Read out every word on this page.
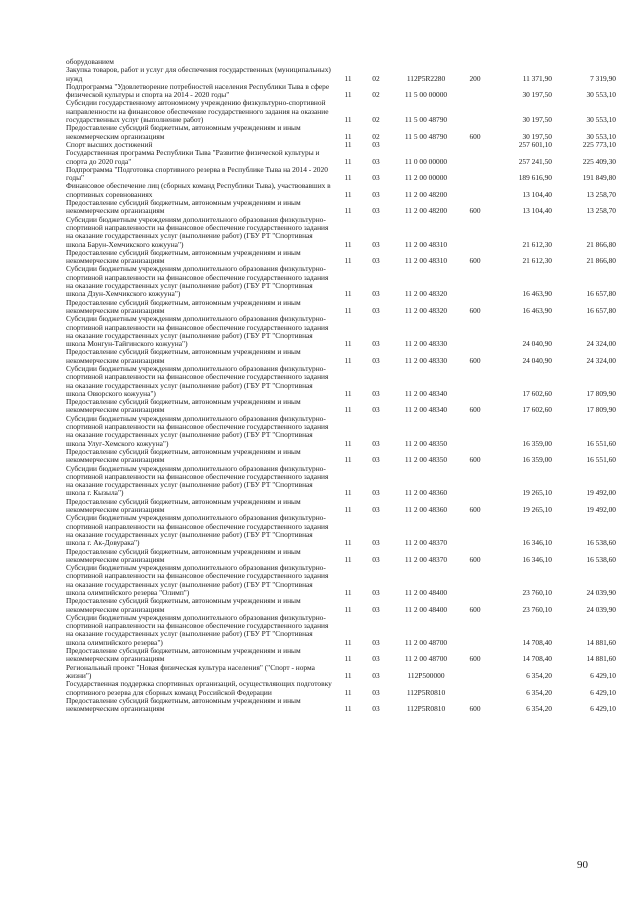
оборудованием						
Закупка товаров, работ и услуг для обеспечения государственных (муниципальных) нужд	11	02	112P5R2280	200	11 371,90	7 319,90
Подпрограмма "Удовлетворение потребностей населения Республики Тыва в сфере физической культуры и спорта на 2014 - 2020 годы"	11	02	11 5 00 00000		30 197,50	30 553,10
Субсидии государственному автономному учреждению физкультурно-спортивной направленности на финансовое обеспечение государственного задания на оказание государственных услуг (выполнение работ)	11	02	11 5 00 48790		30 197,50	30 553,10
Предоставление субсидий бюджетным, автономным учреждениям и иным некоммерческим организациям	11	02	11 5 00 48790	600	30 197,50	30 553,10
Спорт высших достижений	11	03			257 601,10	225 773,10
Государственная программа Республики Тыва "Развитие физической культуры и спорта до 2020 года"	11	03	11 0 00 00000		257 241,50	225 409,30
Подпрограмма "Подготовка спортивного резерва в Республике Тыва на 2014 - 2020 годы"	11	03	11 2 00 00000		189 616,90	191 849,80
Финансовое обеспечение лиц (сборных команд Республики Тыва), участвовавших в спортивных соревнованиях	11	03	11 2 00 48200		13 104,40	13 258,70
Предоставление субсидий бюджетным, автономным учреждениям и иным некоммерческим организациям	11	03	11 2 00 48200	600	13 104,40	13 258,70
Субсидии бюджетным учреждениям дополнительного образования физкультурно-спортивной направленности на финансовое обеспечение государственного задания на оказание государственных услуг (выполнение работ) (ГБУ РТ "Спортивная школа Барун-Хемчикского кожууна")	11	03	11 2 00 48310		21 612,30	21 866,80
Предоставление субсидий бюджетным, автономным учреждениям и иным некоммерческим организациям	11	03	11 2 00 48310	600	21 612,30	21 866,80
Субсидии бюджетным учреждениям дополнительного образования физкультурно-спортивной направленности на финансовое обеспечение государственного задания на оказание государственных услуг (выполнение работ) (ГБУ РТ "Спортивная школа Дзун-Хемчикского кожууна")	11	03	11 2 00 48320		16 463,90	16 657,80
Предоставление субсидий бюджетным, автономным учреждениям и иным некоммерческим организациям	11	03	11 2 00 48320	600	16 463,90	16 657,80
Субсидии бюджетным учреждениям дополнительного образования физкультурно-спортивной направленности на финансовое обеспечение государственного задания на оказание государственных услуг (выполнение работ) (ГБУ РТ "Спортивная школа Монгун-Тайгинского кожууна")	11	03	11 2 00 48330		24 040,90	24 324,00
Предоставление субсидий бюджетным, автономным учреждениям и иным некоммерческим организациям	11	03	11 2 00 48330	600	24 040,90	24 324,00
Субсидии бюджетным учреждениям дополнительного образования физкультурно-спортивной направленности на финансовое обеспечение государственного задания на оказание государственных услуг (выполнение работ) (ГБУ РТ "Спортивная школа Овюрского кожууна")	11	03	11 2 00 48340		17 602,60	17 809,90
Предоставление субсидий бюджетным, автономным учреждениям и иным некоммерческим организациям	11	03	11 2 00 48340	600	17 602,60	17 809,90
Субсидии бюджетным учреждениям дополнительного образования физкультурно-спортивной направленности на финансовое обеспечение государственного задания на оказание государственных услуг (выполнение работ) (ГБУ РТ "Спортивная школа Улуг-Хемского кожууна")	11	03	11 2 00 48350		16 359,00	16 551,60
Предоставление субсидий бюджетным, автономным учреждениям и иным некоммерческим организациям	11	03	11 2 00 48350	600	16 359,00	16 551,60
Субсидии бюджетным учреждениям дополнительного образования физкультурно-спортивной направленности на финансовое обеспечение государственного задания на оказание государственных услуг (выполнение работ) (ГБУ РТ "Спортивная школа г. Кызыла")	11	03	11 2 00 48360		19 265,10	19 492,00
Предоставление субсидий бюджетным, автономным учреждениям и иным некоммерческим организациям	11	03	11 2 00 48360	600	19 265,10	19 492,00
Субсидии бюджетным учреждениям дополнительного образования физкультурно-спортивной направленности на финансовое обеспечение государственного задания на оказание государственных услуг (выполнение работ) (ГБУ РТ "Спортивная школа г. Ак-Довурака")	11	03	11 2 00 48370		16 346,10	16 538,60
Предоставление субсидий бюджетным, автономным учреждениям и иным некоммерческим организациям	11	03	11 2 00 48370	600	16 346,10	16 538,60
Субсидии бюджетным учреждениям дополнительного образования физкультурно-спортивной направленности на финансовое обеспечение государственного задания на оказание государственных услуг (выполнение работ) (ГБУ РТ "Спортивная школа олимпийского резерва "Олимп")	11	03	11 2 00 48400		23 760,10	24 039,90
Предоставление субсидий бюджетным, автономным учреждениям и иным некоммерческим организациям	11	03	11 2 00 48400	600	23 760,10	24 039,90
Субсидии бюджетным учреждениям дополнительного образования физкультурно-спортивной направленности на финансовое обеспечение государственного задания на оказание государственных услуг (выполнение работ) (ГБУ РТ "Спортивная школа олимпийского резерва")	11	03	11 2 00 48700		14 708,40	14 881,60
Предоставление субсидий бюджетным, автономным учреждениям и иным некоммерческим организациям	11	03	11 2 00 48700	600	14 708,40	14 881,60
Региональный проект "Новая физическая культура населения" ("Спорт - норма жизни")	11	03	112P500000		6 354,20	6 429,10
Государственная поддержка спортивных организаций, осуществляющих подготовку спортивного резерва для сборных команд Российской Федерации	11	03	112P5R0810		6 354,20	6 429,10
Предоставление субсидий бюджетным, автономным учреждениям и иным некоммерческим организациям	11	03	112P5R0810	600	6 354,20	6 429,10
90
